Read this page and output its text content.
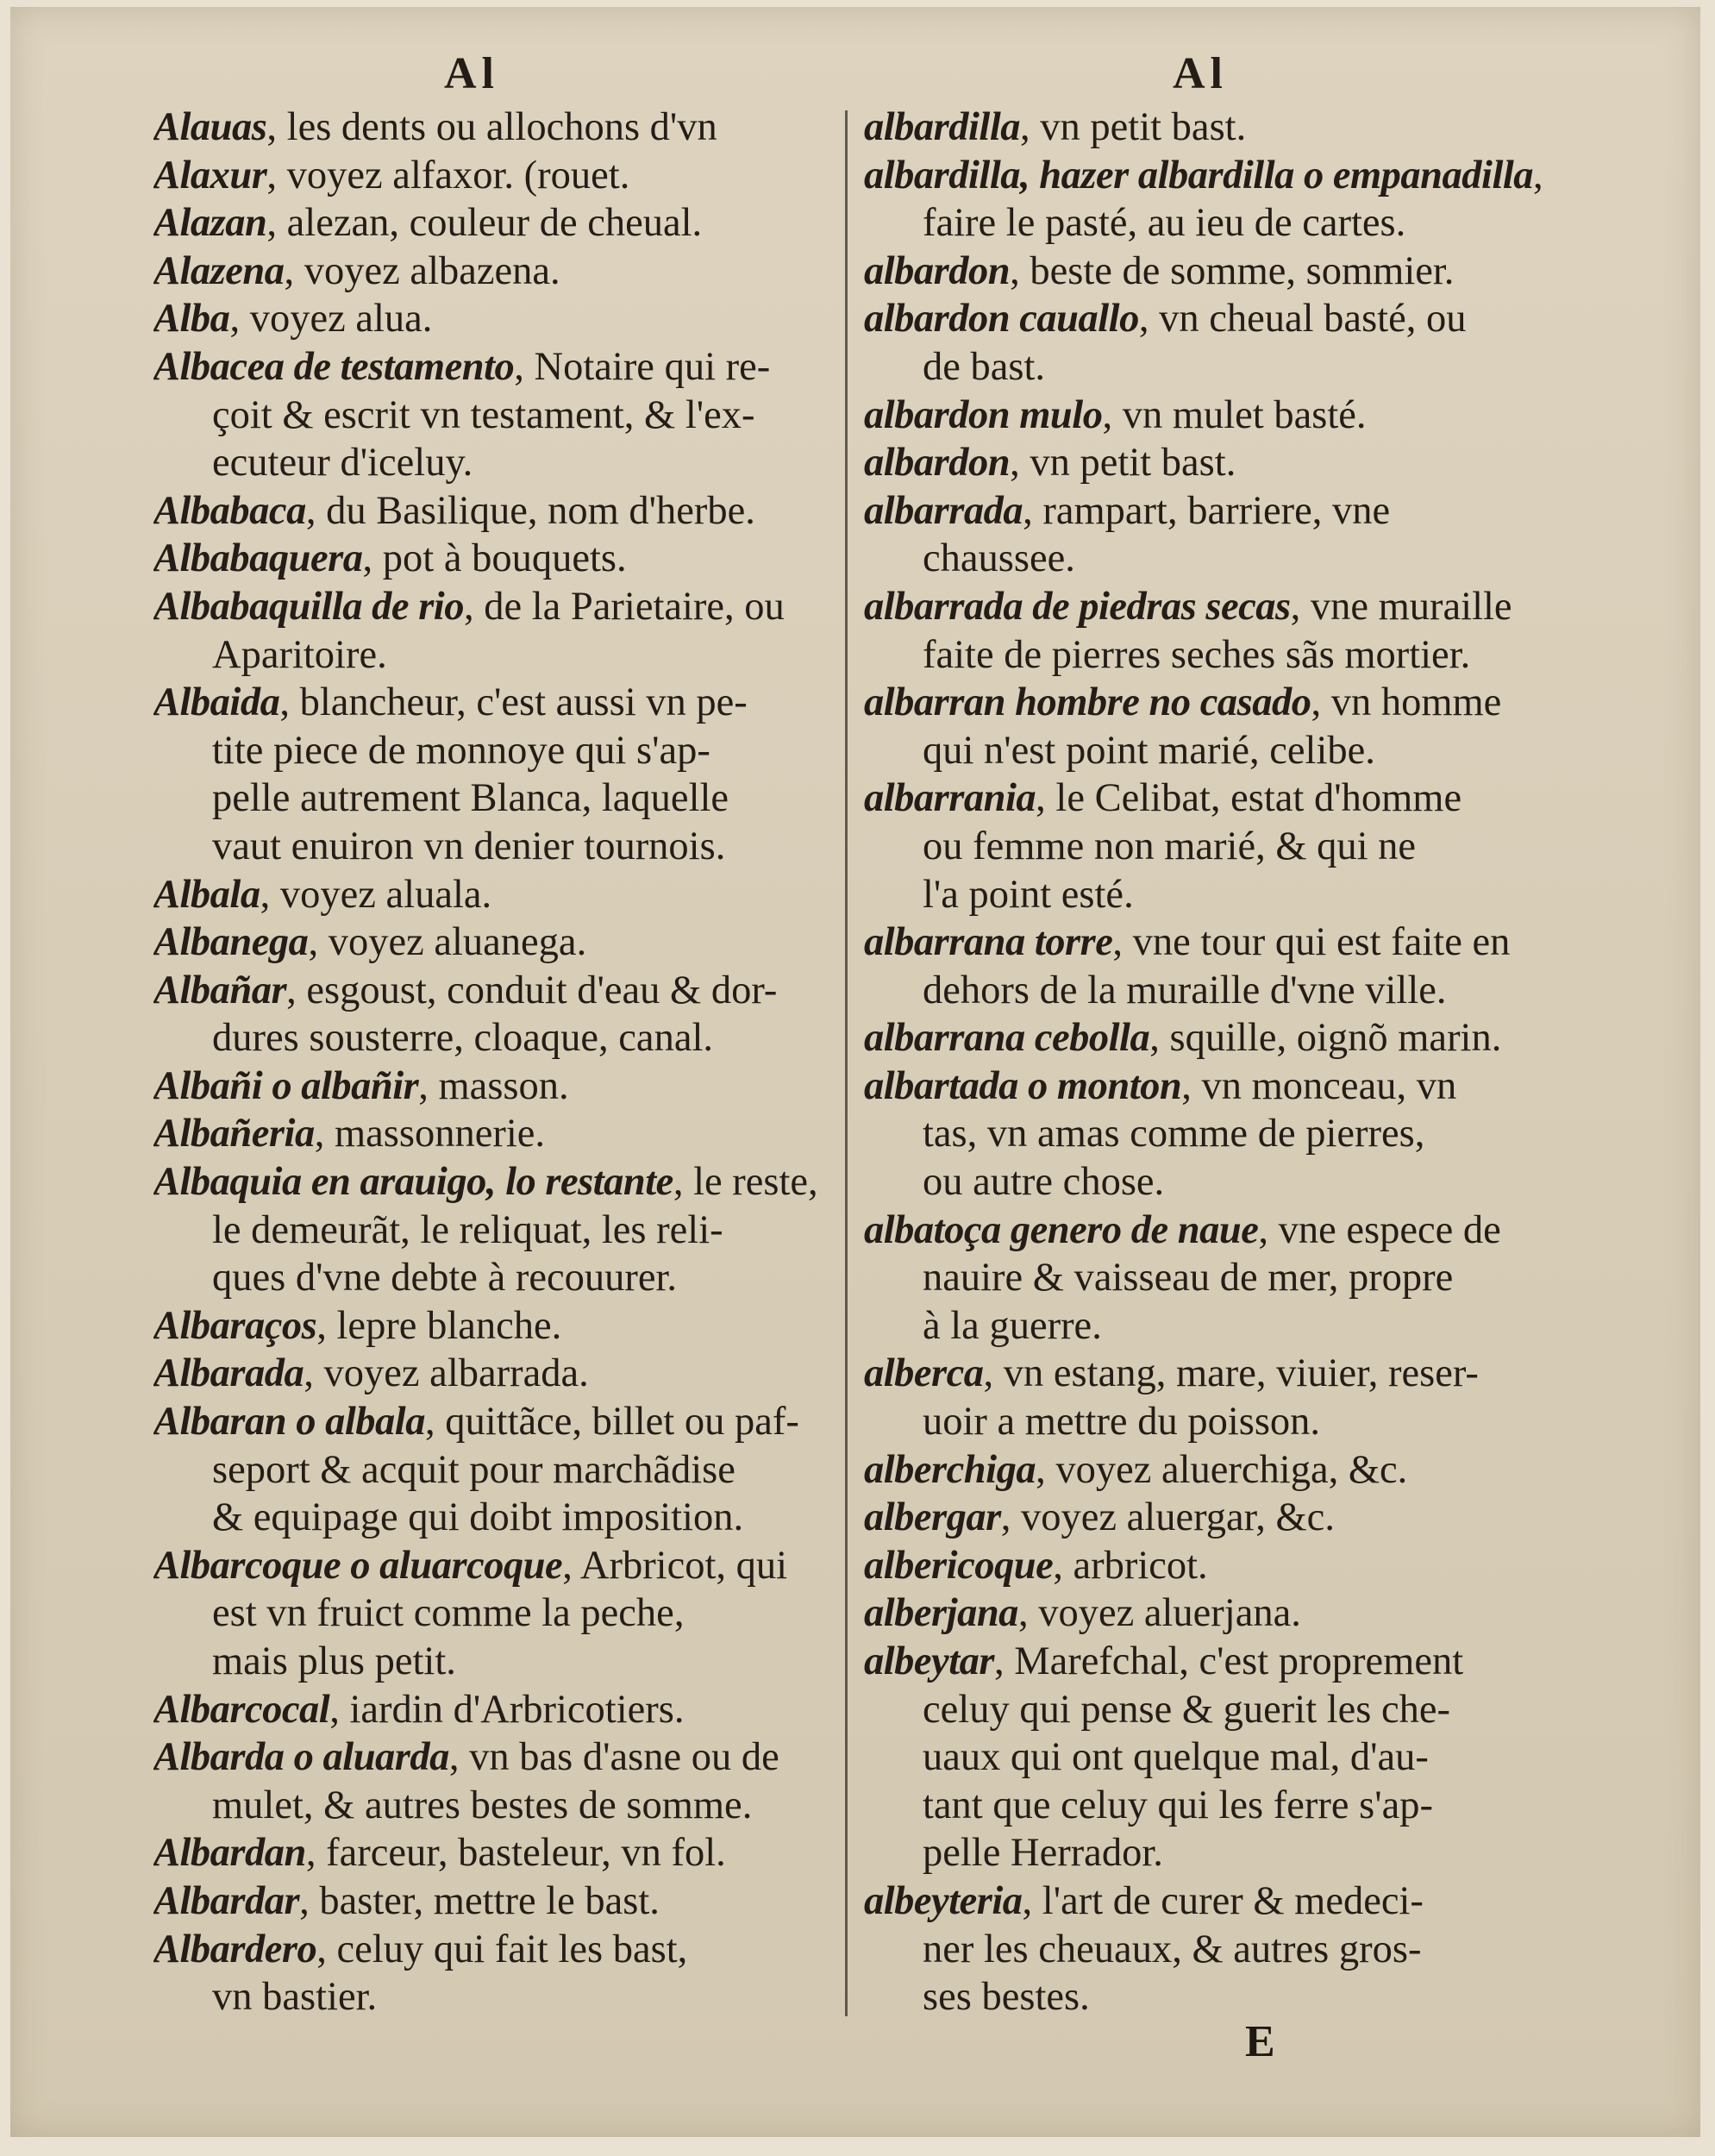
Al	Al
Alauas, les dents ou allochons d'vn
Alaxur, voyez alfaxor. (rouet.
Alazan, alezan, couleur de cheual.
Alazena, voyez albazena.
Alba, voyez alua.
Albacea de testamento, Notaire qui re-
çoit & escrit vn testament, & l'ex-
ecuteur d'iceluy.
Albabaca, du Basilique, nom d'herbe.
Albabaquera, pot à bouquets.
Albabaquilla de rio, de la Parietaire, ou
Aparitoire.
Albaida, blancheur, c'est aussi vn pe-
tite piece de monnoye qui s'ap-
pelle autrement Blanca, laquelle
vaut enuiron vn denier tournois.
Albala, voyez aluala.
Albanega, voyez aluanega.
Albañar, esgoust, conduit d'eau & dor-
dures sousterre, cloaque, canal.
Albañi o albañir, masson.
Albañeria, massonnerie.
Albaquia en arauigo, lo restante, le reste,
le demeurãt, le reliquat, les reli-
ques d'vne debte à recouurer.
Albaraços, lepre blanche.
Albarada, voyez albarrada.
Albaran o albala, quittãce, billet ou paf-
seport & acquit pour marchãdise
& equipage qui doibt imposition.
Albarcoque o aluarcoque, Arbricot, qui
est vn fruict comme la peche,
mais plus petit.
Albarcocal, iardin d'Arbricotiers.
Albarda o aluarda, vn bas d'asne ou de
mulet, & autres bestes de somme.
Albardan, farceur, basteleur, vn fol.
Albardar, baster, mettre le bast.
Albardero, celuy qui fait les bast,
vn bastier.
albardilla, vn petit bast.
albardilla, hazer albardilla o empanadilla,
faire le pasté, au ieu de cartes.
albardon, beste de somme, sommier.
albardon cauallo, vn cheual basté, ou
de bast.
albardon mulo, vn mulet basté.
albardon, vn petit bast.
albarrada, rampart, barriere, vne
chaussee.
albarrada de piedras secas, vne muraille
faite de pierres seches sãs mortier.
albarran hombre no casado, vn homme
qui n'est point marié, celibe.
albarrania, le Celibat, estat d'homme
ou femme non marié, & qui ne
l'a point esté.
albarrana torre, vne tour qui est faite en
dehors de la muraille d'vne ville.
albarrana cebolla, squille, oignõ marin.
albartada o monton, vn monceau, vn
tas, vn amas comme de pierres,
ou autre chose.
albatoça genero de naue, vne espece de
nauire & vaisseau de mer, propre
à la guerre.
alberca, vn estang, mare, viuier, reser-
uoir a mettre du poisson.
alberchiga, voyez aluerchiga, &c.
albergar, voyez aluergar, &c.
albericoque, arbricot.
alberjana, voyez aluerjana.
albeytar, Marefchal, c'est proprement
celuy qui pense & guerit les che-
uaux qui ont quelque mal, d'au-
tant que celuy qui les ferre s'ap-
pelle Herrador.
albeyteria, l'art de curer & medeci-
ner les cheuaux, & autres gros-
ses bestes.
E
